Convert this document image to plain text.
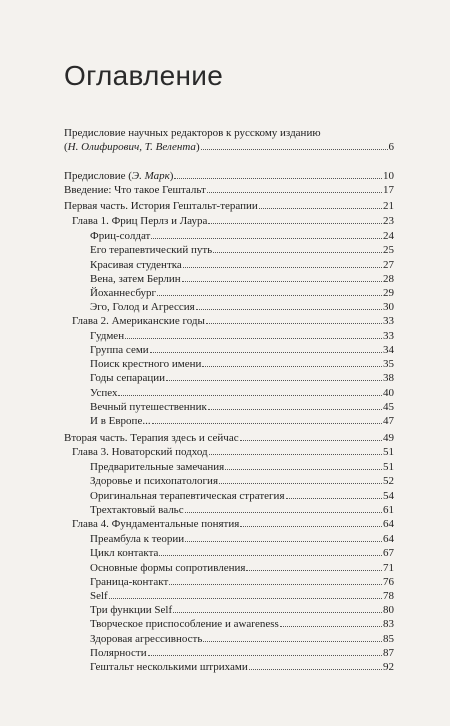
Оглавление
Предисловие научных редакторов к русскому изданию
(Н. Олифирович, Т. Велента)	6
Предисловие (Э. Марк)	10
Введение: Что такое Гештальт	17
Первая часть. История Гештальт-терапии	21
Глава 1. Фриц Перлз и Лаура	23
Фриц-солдат	24
Его терапевтический путь	25
Красивая студентка	27
Вена, затем Берлин	28
Йоханнесбург	29
Эго, Голод и Агрессия	30
Глава 2. Американские годы	33
Гудмен	33
Группа семи	34
Поиск крестного имени	35
Годы сепарации	38
Успех	40
Вечный путешественник	45
И в Европе...	47
Вторая часть. Терапия здесь и сейчас	49
Глава 3. Новаторский подход	51
Предварительные замечания	51
Здоровье и психопатология	52
Оригинальная терапевтическая стратегия	54
Трехтактовый вальс	61
Глава 4. Фундаментальные понятия	64
Преамбула к теории	64
Цикл контакта	67
Основные формы сопротивления	71
Граница-контакт	76
Self	78
Три функции Self	80
Творческое приспособление и awareness	83
Здоровая агрессивность	85
Полярности	87
Гештальт несколькими штрихами	92
